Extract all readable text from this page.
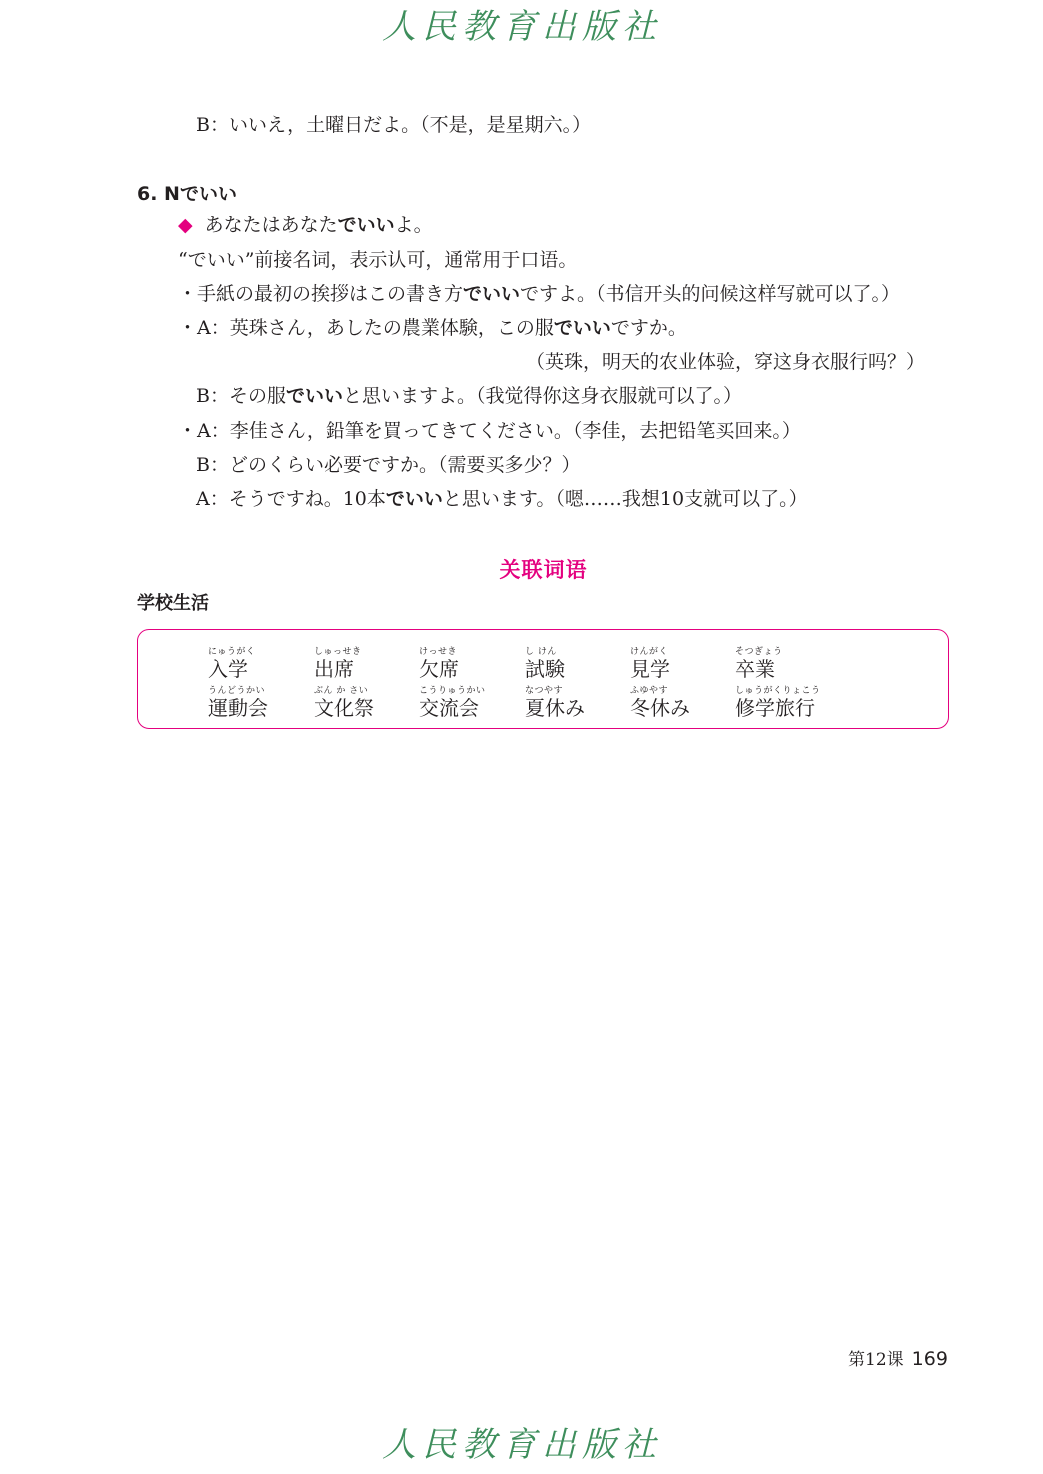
人民教育出版社
B：いいえ，土曜日だよ。（不是，是星期六。）
6. Nでいい
◆ あなたはあなたでいいよ。
“でいい”前接名词，表示认可，通常用于口语。
・手紙の最初の挨拶はこの書き方でいいですよ。（书信开头的问候这样写就可以了。）
・A：英珠さん，あしたの農業体験，この服でいいですか。
（英珠，明天的农业体验，穿这身衣服行吗？）
B：その服でいいと思いますよ。（我觉得你这身衣服就可以了。）
・A：李佳さん，鉛筆を買ってきてください。（李佳，去把铅笔买回来。）
B：どのくらい必要ですか。（需要买多少？）
A：そうですね。10本でいいと思います。（嗯……我想10支就可以了。）
关联词语
学校生活
にゅうがく
入学
しゅっせき
出席
けっせき
欠席
し けん
試験
けんがく
見学
そつぎょう
卒業
うんどうかい
運動会
ぶん か さい
文化祭
こうりゅうかい
交流会
なつやす
夏休み
ふゆやす
冬休み
しゅうがくりょこう
修学旅行
第12课 169
人民教育出版社
